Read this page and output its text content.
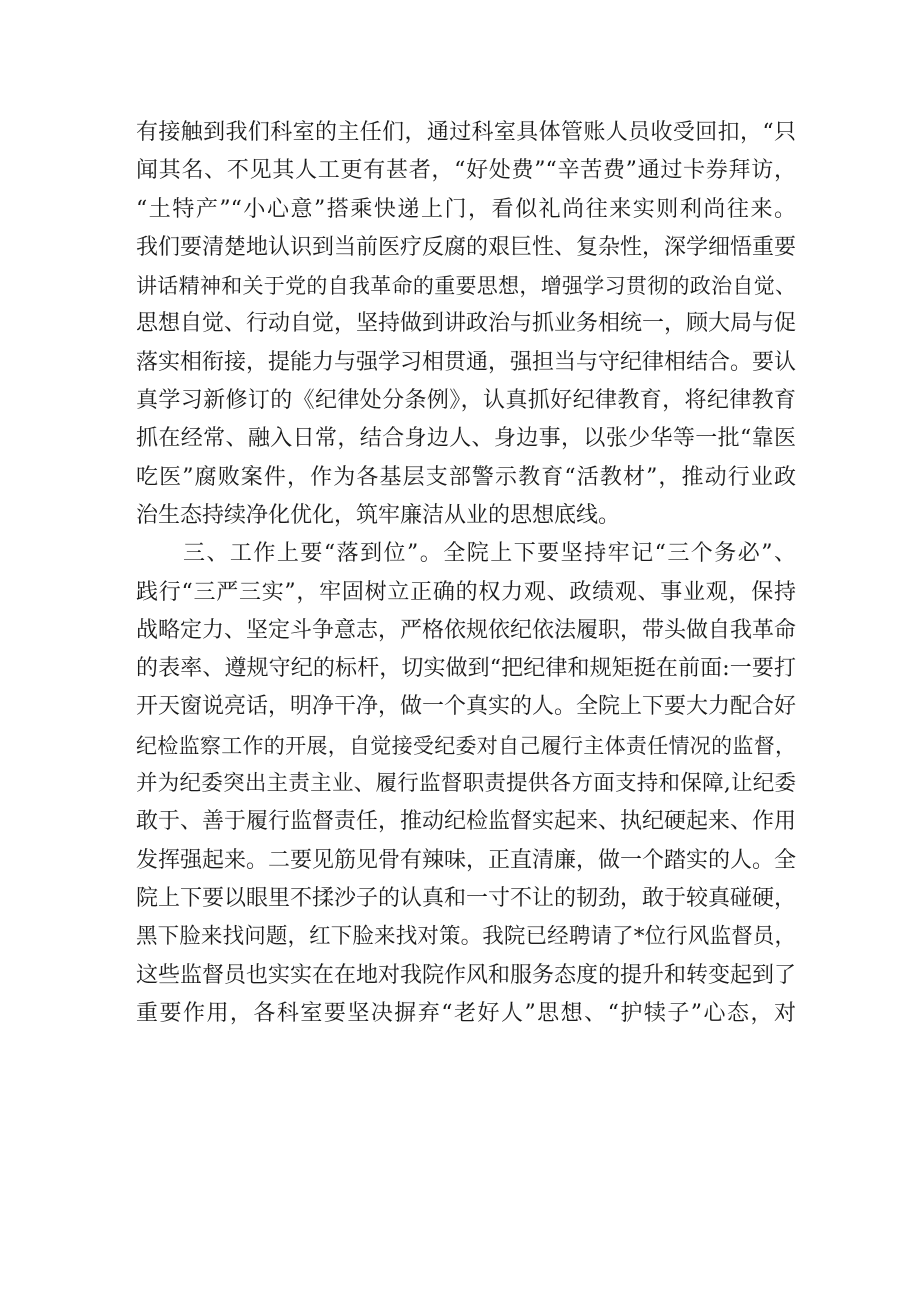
有接触到我们科室的主任们，通过科室具体管账人员收受回扣，“只
闻其名、不见其人工更有甚者，“好处费”“辛苦费”通过卡券拜访，
“土特产”“小心意”搭乘快递上门，看似礼尚往来实则利尚往来。
我们要清楚地认识到当前医疗反腐的艰巨性、复杂性，深学细悟重要
讲话精神和关于党的自我革命的重要思想，增强学习贯彻的政治自觉、
思想自觉、行动自觉，坚持做到讲政治与抓业务相统一，顾大局与促
落实相衔接，提能力与强学习相贯通，强担当与守纪律相结合。要认
真学习新修订的《纪律处分条例》，认真抓好纪律教育，将纪律教育
抓在经常、融入日常，结合身边人、身边事，以张少华等一批“靠医
吃医”腐败案件，作为各基层支部警示教育“活教材”，推动行业政
治生态持续净化优化，筑牢廉洁从业的思想底线。
　　三、工作上要“落到位”。全院上下要坚持牢记“三个务必”、
践行“三严三实”，牢固树立正确的权力观、政绩观、事业观，保持
战略定力、坚定斗争意志，严格依规依纪依法履职，带头做自我革命
的表率、遵规守纪的标杆，切实做到“把纪律和规矩挺在前面:一要打
开天窗说亮话，明净干净，做一个真实的人。全院上下要大力配合好
纪检监察工作的开展，自觉接受纪委对自己履行主体责任情况的监督，
并为纪委突出主责主业、履行监督职责提供各方面支持和保障,让纪委
敢于、善于履行监督责任，推动纪检监督实起来、执纪硬起来、作用
发挥强起来。二要见筋见骨有辣味，正直清廉，做一个踏实的人。全
院上下要以眼里不揉沙子的认真和一寸不让的韧劲，敢于较真碰硬，
黑下脸来找问题，红下脸来找对策。我院已经聘请了*位行风监督员，
这些监督员也实实在在地对我院作风和服务态度的提升和转变起到了
重要作用，各科室要坚决摒弃“老好人”思想、“护犊子”心态，对
